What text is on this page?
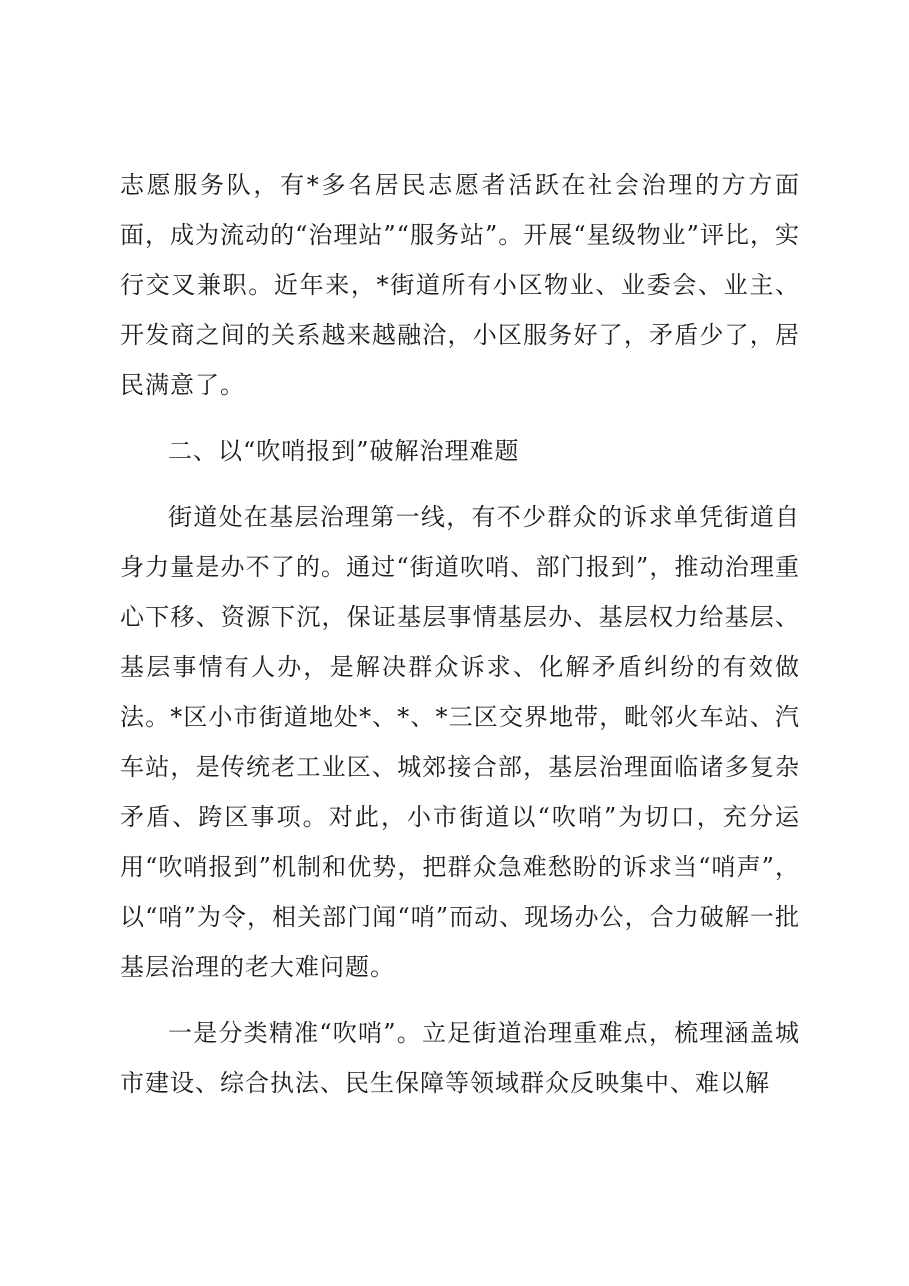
志愿服务队，有*多名居民志愿者活跃在社会治理的方方面面，成为流动的“治理站”“服务站”。开展“星级物业”评比，实行交叉兼职。近年来，*街道所有小区物业、业委会、业主、开发商之间的关系越来越融洽，小区服务好了，矛盾少了，居民满意了。

二、以“吹哨报到”破解治理难题

街道处在基层治理第一线，有不少群众的诉求单凭街道自身力量是办不了的。通过“街道吹哨、部门报到”，推动治理重心下移、资源下沉，保证基层事情基层办、基层权力给基层、基层事情有人办，是解决群众诉求、化解矛盾纠纷的有效做法。*区小市街道地处*、*、*三区交界地带，毗邻火车站、汽车站，是传统老工业区、城郊接合部，基层治理面临诸多复杂矛盾、跨区事项。对此，小市街道以“吹哨”为切口，充分运用“吹哨报到”机制和优势，把群众急难愁盼的诉求当“哨声”，以“哨”为令，相关部门闻“哨”而动、现场办公，合力破解一批基层治理的老大难问题。

一是分类精准“吹哨”。立足街道治理重难点，梳理涵盖城市建设、综合执法、民生保障等领域群众反映集中、难以解
